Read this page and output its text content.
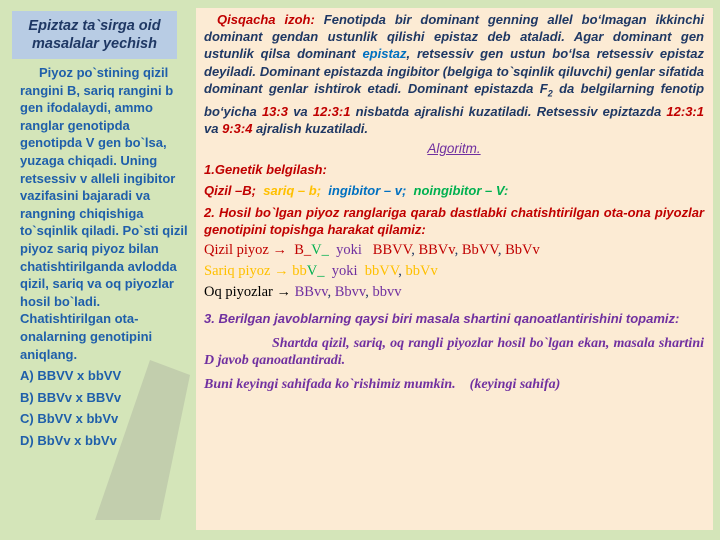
Epiztaz ta`sirga oid masalalar yechish

Piyoz po`stining qizil rangini B, sariq rangini b gen ifodalaydi, ammo ranglar genotipda genotipda V gen bo`lsa, yuzaga chiqadi. Uning retsessiv v alleli ingibitor vazifasini bajaradi va rangning chiqishiga to`sqinlik qiladi. Po`sti qizil piyoz sariq piyoz bilan chatishtirilganda avlodda qizil, sariq va oq piyozlar hosil bo`ladi. Chatishtirilgan ota-onalarning genotipini aniqlang.

A) BBVV x bbVV
B) BBVv x BBVv
C) BbVV x bbVv
D) BbVv x bbVv

Qisqacha izoh: Fenotipda bir dominant genning allel bo‘lmagan ikkinchi dominant gendan ustunlik qilishi epistaz deb ataladi. Agar dominant gen ustunlik qilsa dominant epistaz, retsessiv gen ustun bo‘lsa retsessiv epistaz deyiladi. Dominant epistazda ingibitor (belgiga to`sqinlik qiluvchi) genlar sifatida dominant genlar ishtirok etadi. Dominant epistazda $F_2$ da belgilarning fenotip bo‘yicha 13:3 va 12:3:1 nisbatda ajralishi kuzatiladi. Retsessiv epiztazda 12:3:1 va 9:3:4 ajralish kuzatiladi.

Algoritm.

1.Genetik belgilash:

Qizil –B; sariq – b; ingibitor – v; noingibitor – V:

2. Hosil bo`lgan piyoz ranglariga qarab dastlabki chatishtirilgan ota-ona piyozlar genotipini topishga harakat qilamiz:

Qizil piyoz → B_V_ yoki BBVV, BBVv, BbVV, BbVv

Sariq piyoz → bbV_ yoki bbVV, bbVv

Oq piyozlar → BBvv, Bbvv, bbvv

3. Berilgan javoblarning qaysi biri masala shartini qanoatlantirishini topamiz:

Shartda qizil, sariq, oq rangli piyozlar hosil bo`lgan ekan, masala shartini D javob qanoatlantiradi.

Buni keyingi sahifada ko`rishimiz mumkin. (keyingi sahifa)
